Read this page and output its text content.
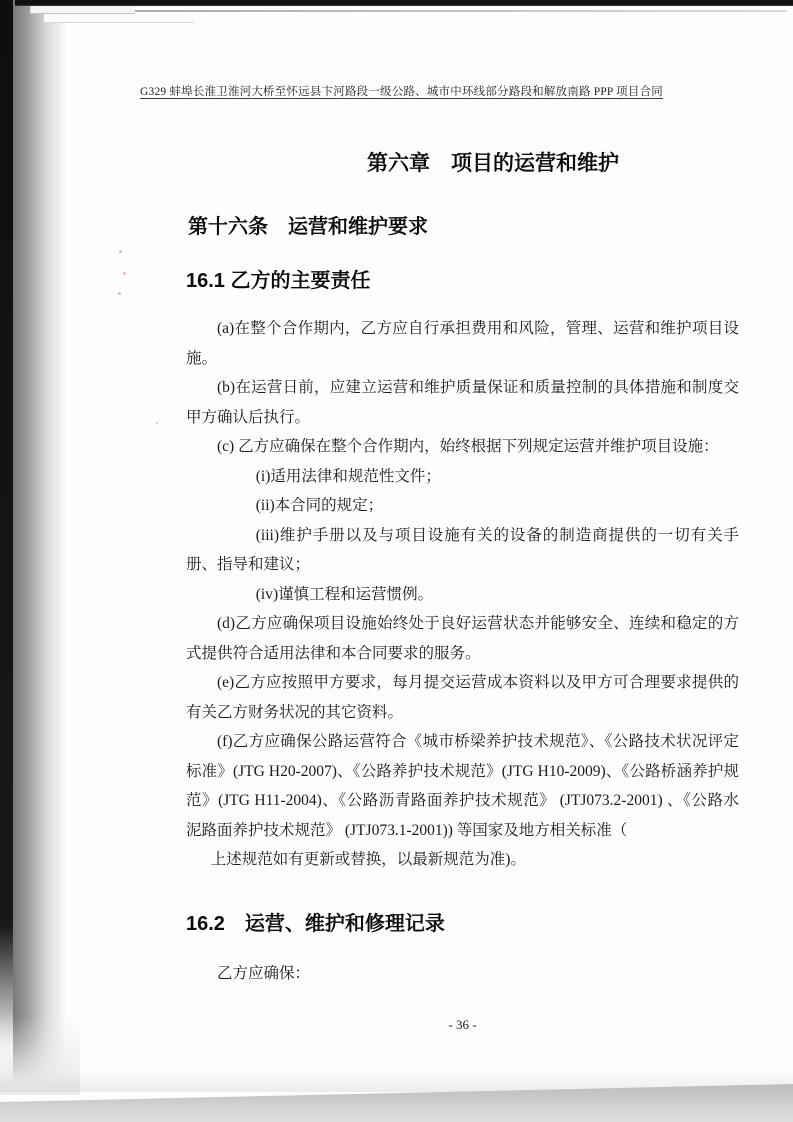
G329 蚌埠长淮卫淮河大桥至怀远县卞河路段一级公路、城市中环线部分路段和解放南路 PPP 项目合同
第六章　项目的运营和维护
第十六条　运营和维护要求
16.1 乙方的主要责任

(a)在整个合作期内，乙方应自行承担费用和风险，管理、运营和维护项目设施。

(b)在运营日前，应建立运营和维护质量保证和质量控制的具体措施和制度交甲方确认后执行。

(c) 乙方应确保在整个合作期内，始终根据下列规定运营并维护项目设施：

(i)适用法律和规范性文件；

(ii)本合同的规定；

(iii)维护手册以及与项目设施有关的设备的制造商提供的一切有关手册、指导和建议；

(iv)谨慎工程和运营惯例。

(d)乙方应确保项目设施始终处于良好运营状态并能够安全、连续和稳定的方式提供符合适用法律和本合同要求的服务。

(e)乙方应按照甲方要求，每月提交运营成本资料以及甲方可合理要求提供的有关乙方财务状况的其它资料。

(f)乙方应确保公路运营符合《城市桥梁养护技术规范》、《公路技术状况评定标准》(JTG H20-2007)、《公路养护技术规范》(JTG H10-2009)、《公路桥涵养护规范》(JTG H11-2004)、《公路沥青路面养护技术规范》 (JTJ073.2-2001) 、《公路水泥路面养护技术规范》 (JTJ073.1-2001)) 等国家及地方相关标准（

上述规范如有更新或替换，以最新规范为准)。

16.2　运营、维护和修理记录

乙方应确保：

- 36 -
